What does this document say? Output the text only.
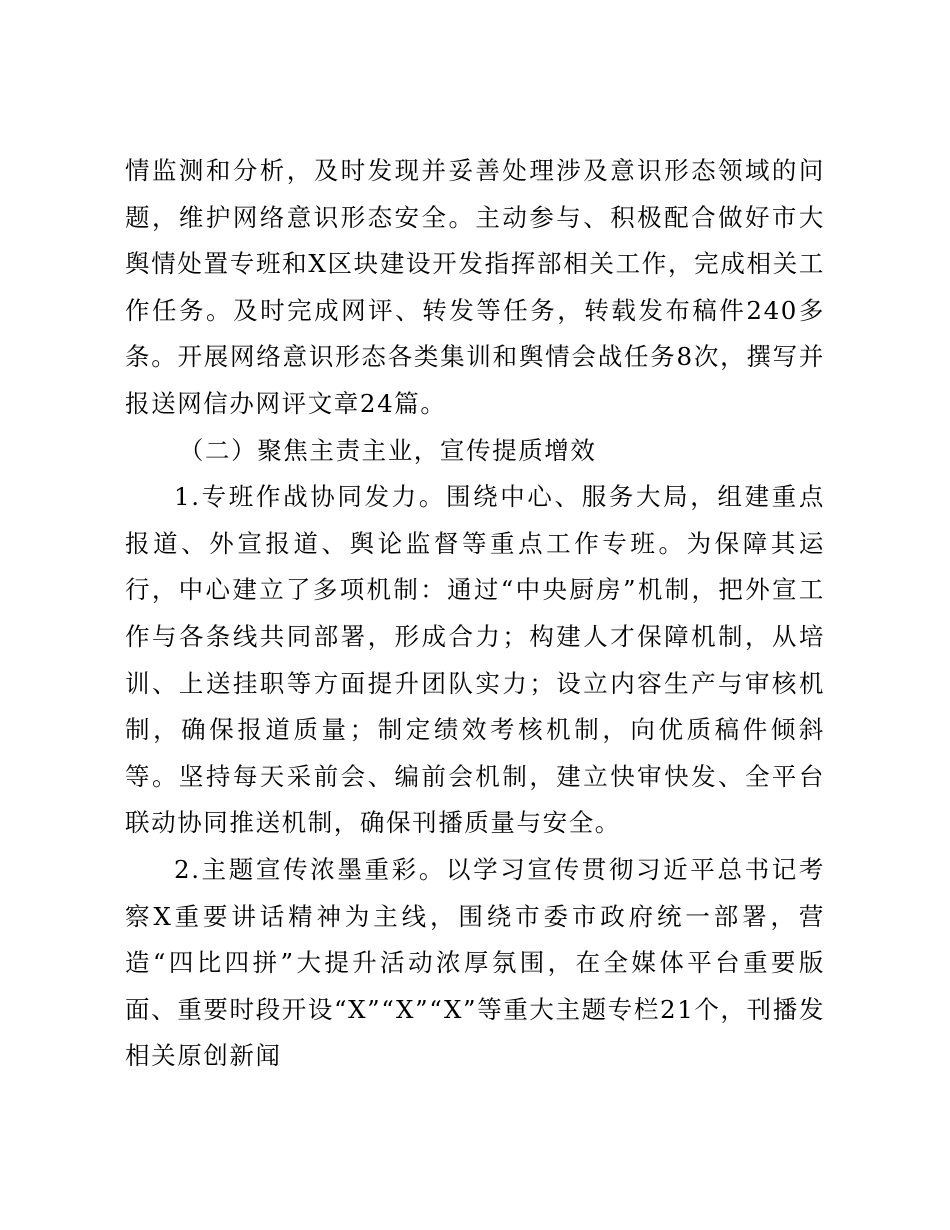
情监测和分析，及时发现并妥善处理涉及意识形态领域的问题，维护网络意识形态安全。主动参与、积极配合做好市大舆情处置专班和X区块建设开发指挥部相关工作，完成相关工作任务。及时完成网评、转发等任务，转载发布稿件240多条。开展网络意识形态各类集训和舆情会战任务8次，撰写并报送网信办网评文章24篇。

（二）聚焦主责主业，宣传提质增效

1.专班作战协同发力。围绕中心、服务大局，组建重点报道、外宣报道、舆论监督等重点工作专班。为保障其运行，中心建立了多项机制：通过“中央厨房”机制，把外宣工作与各条线共同部署，形成合力；构建人才保障机制，从培训、上送挂职等方面提升团队实力；设立内容生产与审核机制，确保报道质量；制定绩效考核机制，向优质稿件倾斜等。坚持每天采前会、编前会机制，建立快审快发、全平台联动协同推送机制，确保刊播质量与安全。

2.主题宣传浓墨重彩。以学习宣传贯彻习近平总书记考察X重要讲话精神为主线，围绕市委市政府统一部署，营造“四比四拼”大提升活动浓厚氛围，在全媒体平台重要版面、重要时段开设“X”“X”“X”等重大主题专栏21个，刊播发相关原创新闻
